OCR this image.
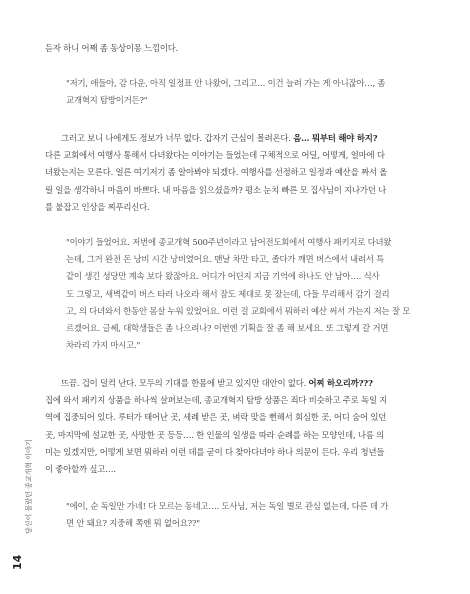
듣자 하니 어째 좀 동상이몽 느낌이다.
"저기, 애들아, 감 다운, 아직 일정표 안 나왔어, 그리고… 이건 늘려 가는 게 아니잖아…, 좀
교개혁지 탐방이거든?"
그러고 보니 나에게도 정보가 너무 없다. 갑자기 근심이 몰려온다. 음… 뭐부터 해야 하지?
다른 교회에서 여행사 통해서 다녀왔다는 이야기는 들었는데 구체적으로 어딜, 어떻게, 얼마에 다
녀왔는지는 모른다. 얼른 여기저기 좀 알아봐야 되겠다. 여행사를 선정하고 일정과 예산을 짜서 올
릴 일을 생각하니 마음이 바쁘다. 내 마음을 읽으셨을까? 평소 눈치 빠른 모 집사님이 지나가던 나
를 붙잡고 인상을 찌푸리신다.
"이야기 들었어요. 저번에 종교개혁 500주년이라고 남어전도회에서 여행사 패키지로 다녀왔
는데, 그거 완전 돈 낭비 시간 낭비였어요. 맨날 차만 타고, 졸다가 깨면 버스에서 내려서 특
같이 생긴 성당만 계속 보다 왔잖아요. 어디가 어딘지 지금 기억에 하나도 안 남아…. 식사
도 그렇고, 새벽같이 버스 타러 나오라 해서 잠도 제대로 못 잤는데, 다들 무리해서 감기 걸리
고, 의 다녀와서 한동안 몸살 누워 있었어요. 이런 걸 교회에서 뭐하러 예산 써서 가는지 저는 잘 모
르겠어요. 글쎄, 대학생들은 좀 나으려나? 이번엔 기획을 잘 좀 해 보세요. 또 그렇게 갈 거면
차라리 가지 마시고."
뜨끔. 겁이 덜컥 난다. 모두의 기대를 한몸에 받고 있지만 대안이 없다. 어찌 하오리까???
집에 와서 패키지 상품을 하나씩 살펴보는데, 종교개혁지 탐방 상품은 죄다 비슷하고 주로 독일 지
역에 집중되어 있다. 루터가 태어난 곳, 세례 받은 곳, 벼락 맞을 뻔해서 회심한 곳, 어디 숨어 있던
곳, 마지막에 설교한 곳, 사망한 곳 등등…. 한 인물의 일생을 따라 순례를 하는 모양인데, 나름 의
미는 있겠지만, 어떻게 보면 뭐하러 이런 데를 굳이 다 찾아다녀야 하나 의문이 든다. 우리 청년들
이 좋아할까 싶고….
"에이, 순 독일만 가네! 다 모르는 동네고…. 도사님, 저는 독일 별로 관심 없는데, 다른 데 가
면 안 돼요? 지중해 쪽엔 뭐 없어요??"
당신이 몰랐던 종교개혁 이야기
14
